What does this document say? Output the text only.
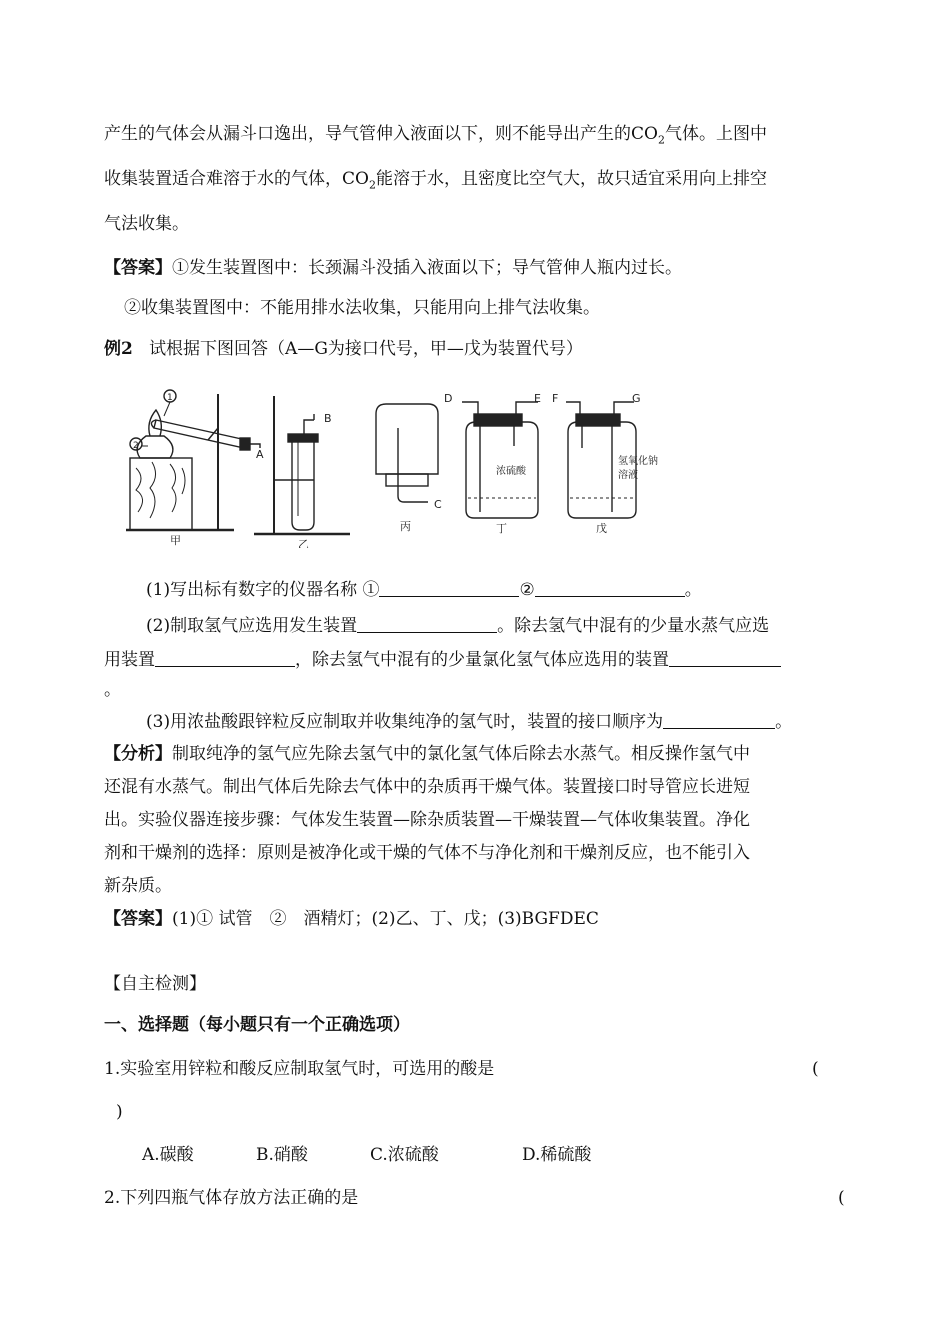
产生的气体会从漏斗口逸出，导气管伸入液面以下，则不能导出产生的$CO_2$气体。上图中
收集装置适合难溶于水的气体，$CO_2$能溶于水，且密度比空气大，故只适宜采用向上排空
气法收集。
【答案】①发生装置图中：长颈漏斗没插入液面以下；导气管伸人瓶内过长。
②收集装置图中：不能用排水法收集，只能用向上排气法收集。
例2 试根据下图回答（A—G为接口代号，甲—戊为装置代号）
1
2
A
甲
B
乙
C
丙
D	E
浓硫酸
丁
F	G
氢氧化钠
溶液
戊
(1)写出标有数字的仪器名称 ①	②	。
(2)制取氢气应选用发生装置	。除去氢气中混有的少量水蒸气应选
用装置	，除去氢气中混有的少量氯化氢气体应选用的装置
。
(3)用浓盐酸跟锌粒反应制取并收集纯净的氢气时，装置的接口顺序为	。
【分析】制取纯净的氢气应先除去氢气中的氯化氢气体后除去水蒸气。相反操作氢气中
还混有水蒸气。制出气体后先除去气体中的杂质再干燥气体。装置接口时导管应长进短
出。实验仪器连接步骤：气体发生装置—除杂质装置—干燥装置—气体收集装置。净化
剂和干燥剂的选择：原则是被净化或干燥的气体不与净化剂和干燥剂反应，也不能引入
新杂质。
【答案】(1)① 试管　②　酒精灯；(2)乙、丁、戊；(3)BGFDEC
【自主检测】
一、选择题（每小题只有一个正确选项）
1.实验室用锌粒和酸反应制取氢气时，可选用的酸是	(
)
A.碳酸	B.硝酸	C.浓硫酸	D.稀硫酸
2.下列四瓶气体存放方法正确的是	(
